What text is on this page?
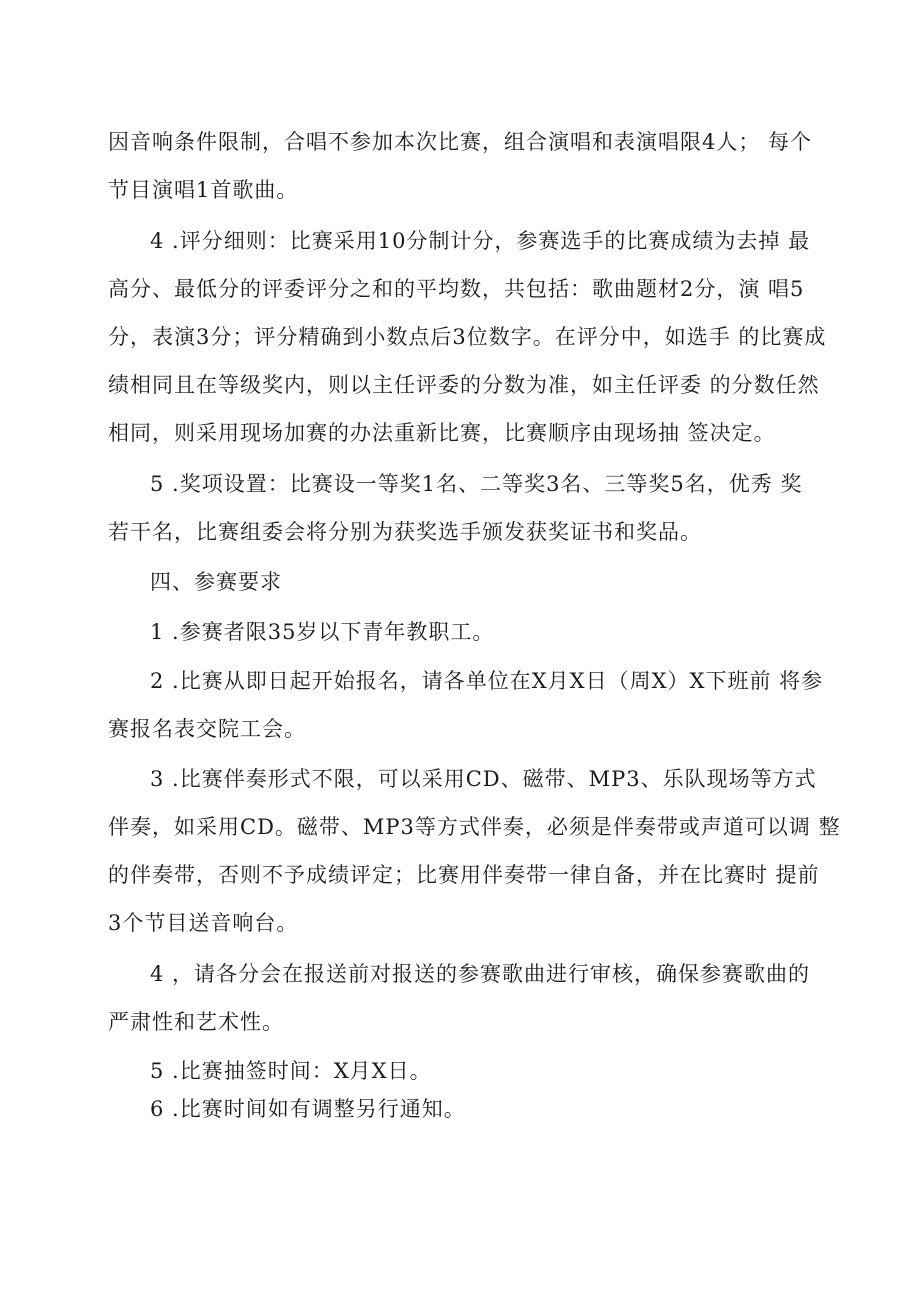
因音响条件限制，合唱不参加本次比赛，组合演唱和表演唱限4人； 每个
节目演唱1首歌曲。
4 .评分细则：比赛采用10分制计分，参赛选手的比赛成绩为去掉 最
高分、最低分的评委评分之和的平均数，共包括：歌曲题材2分，演 唱5
分，表演3分；评分精确到小数点后3位数字。在评分中，如选手 的比赛成
绩相同且在等级奖内，则以主任评委的分数为准，如主任评委 的分数任然
相同，则采用现场加赛的办法重新比赛，比赛顺序由现场抽 签决定。
5 .奖项设置：比赛设一等奖1名、二等奖3名、三等奖5名，优秀 奖
若干名，比赛组委会将分别为获奖选手颁发获奖证书和奖品。
四、参赛要求
1 .参赛者限35岁以下青年教职工。
2 .比赛从即日起开始报名，请各单位在X月X日（周X）X下班前 将参
赛报名表交院工会。
3 .比赛伴奏形式不限，可以采用CD、磁带、MP3、乐队现场等方式
伴奏，如采用CD。磁带、MP3等方式伴奏，必须是伴奏带或声道可以调 整
的伴奏带，否则不予成绩评定；比赛用伴奏带一律自备，并在比赛时 提前
3个节目送音响台。
4 ，请各分会在报送前对报送的参赛歌曲进行审核，确保参赛歌曲的
严肃性和艺术性。
5 .比赛抽签时间：X月X日。
6 .比赛时间如有调整另行通知。
